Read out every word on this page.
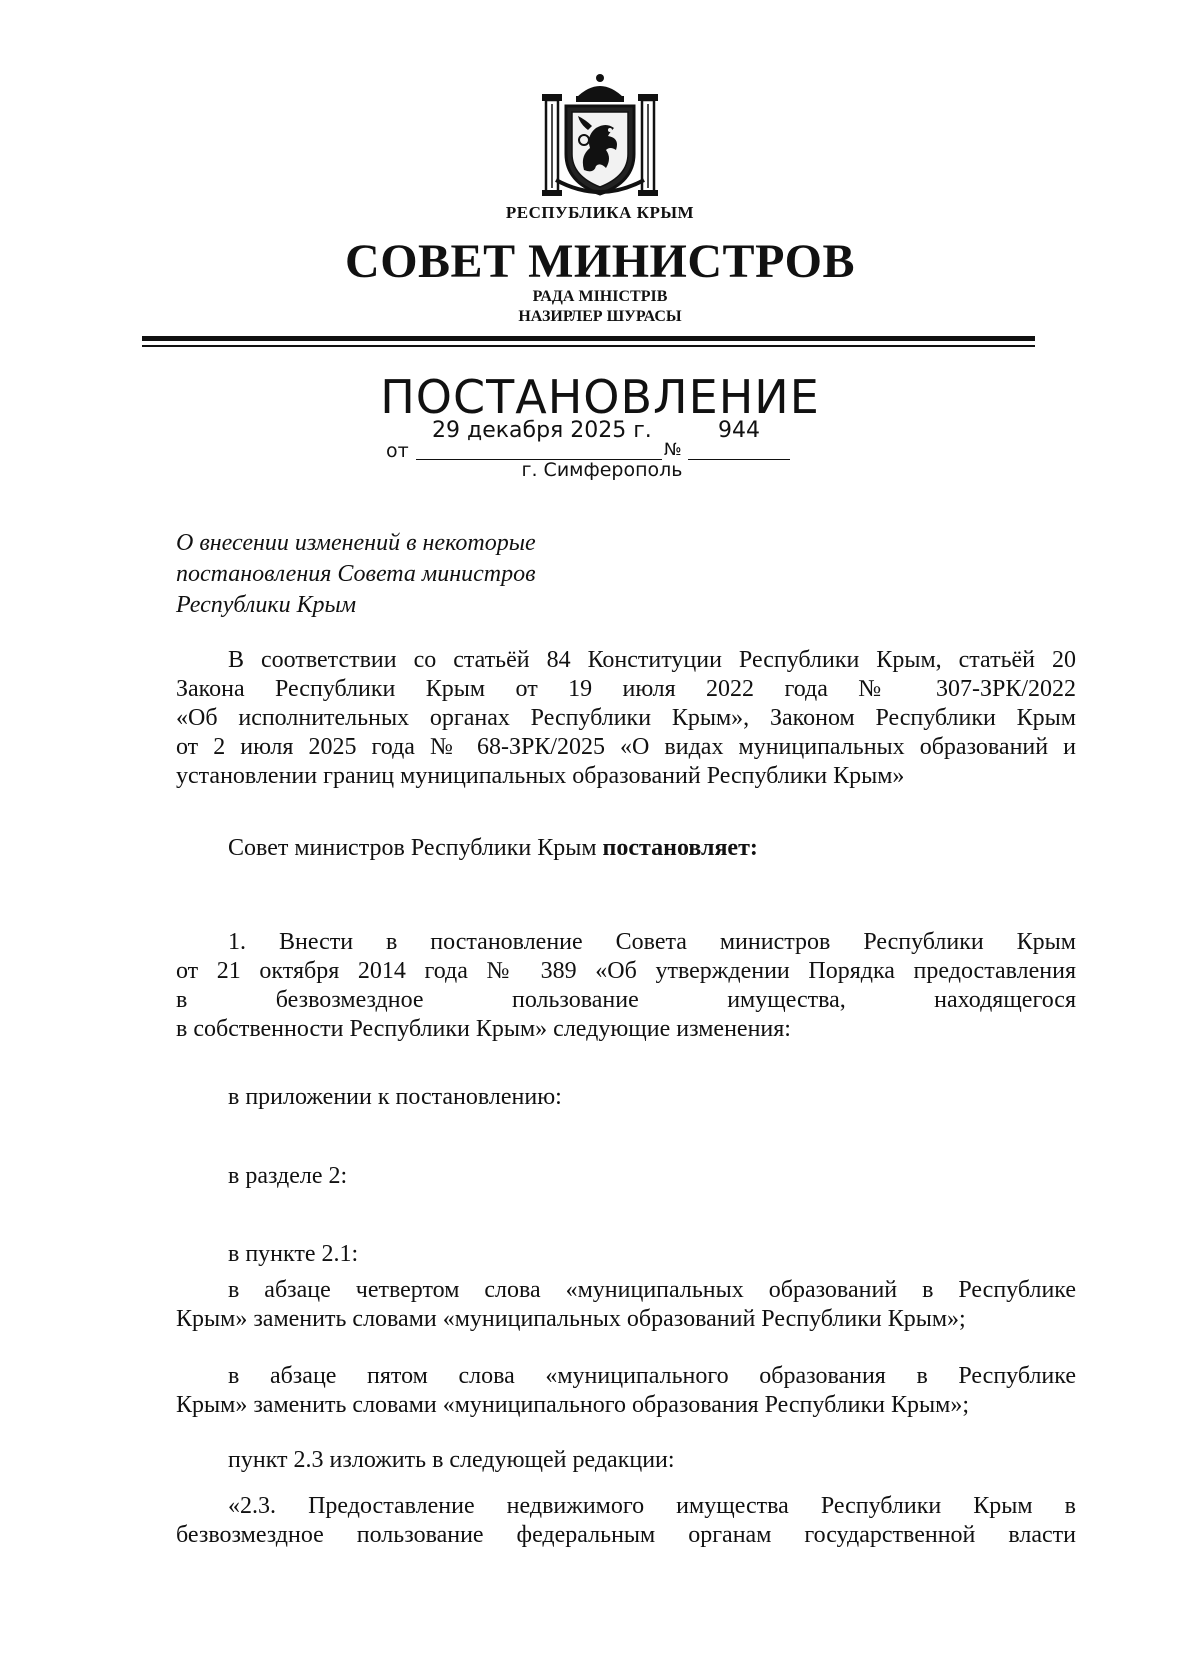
РЕСПУБЛИКА КРЫМ
СОВЕТ МИНИСТРОВ
РАДА МІНІСТРІВ
НАЗИРЛЕР ШУРАСЫ
ПОСТАНОВЛЕНИЕ
29 декабря 2025 г.	944
от	№
г. Симферополь
О внесении изменений в некоторые
постановления Совета министров
Республики Крым
В соответствии со статьёй 84 Конституции Республики Крым, статьёй 20
Закона Республики Крым от 19 июля 2022 года № 307-ЗРК/2022
«Об исполнительных органах Республики Крым», Законом Республики Крым
от 2 июля 2025 года № 68-ЗРК/2025 «О видах муниципальных образований и
установлении границ муниципальных образований Республики Крым»
Совет министров Республики Крым постановляет:
1. Внести в постановление Совета министров Республики Крым
от 21 октября 2014 года № 389 «Об утверждении Порядка предоставления
в безвозмездное пользование имущества, находящегося
в собственности Республики Крым» следующие изменения:
в приложении к постановлению:
в разделе 2:
в пункте 2.1:
в абзаце четвертом слова «муниципальных образований в Республике
Крым» заменить словами «муниципальных образований Республики Крым»;
в абзаце пятом слова «муниципального образования в Республике
Крым» заменить словами «муниципального образования Республики Крым»;
пункт 2.3 изложить в следующей редакции:
«2.3. Предоставление недвижимого имущества Республики Крым в
безвозмездное пользование федеральным органам государственной власти
